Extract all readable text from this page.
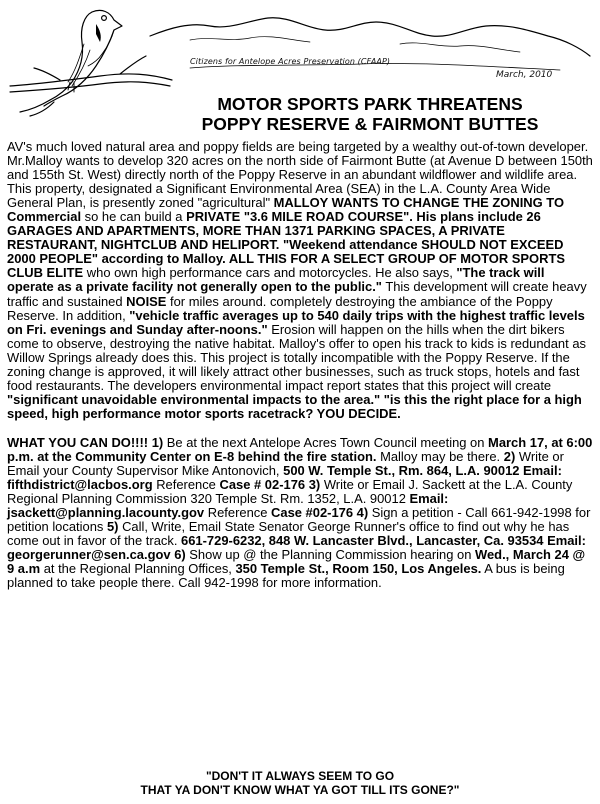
Citizens for Antelope Acres Preservation (CFAAP)
March, 2010
MOTOR SPORTS PARK THREATENS
POPPY RESERVE & FAIRMONT BUTTES

AV's much loved natural area and poppy fields are being targeted by a wealthy out-of-town developer. Mr.Malloy wants to develop 320 acres on the north side of Fairmont Butte (at Avenue D between 150th and 155th St. West) directly north of the Poppy Reserve in an abundant wildflower and wildlife area. This property, designated a Significant Environmental Area (SEA) in the L.A. County Area Wide General Plan, is presently zoned "agricultural" MALLOY WANTS TO CHANGE THE ZONING TO Commercial so he can build a PRIVATE "3.6 MILE ROAD COURSE". His plans include 26 GARAGES AND APARTMENTS, MORE THAN 1371 PARKING SPACES, A PRIVATE RESTAURANT, NIGHTCLUB AND HELIPORT. "Weekend attendance SHOULD NOT EXCEED 2000 PEOPLE" according to Malloy. ALL THIS FOR A SELECT GROUP OF MOTOR SPORTS CLUB ELITE who own high performance cars and motorcycles. He also says, "The track will operate as a private facility not generally open to the public." This development will create heavy traffic and sustained NOISE for miles around. completely destroying the ambiance of the Poppy Reserve. In addition, "vehicle traffic averages up to 540 daily trips with the highest traffic levels on Fri. evenings and Sunday after-noons." Erosion will happen on the hills when the dirt bikers come to observe, destroying the native habitat. Malloy's offer to open his track to kids is redundant as Willow Springs already does this. This project is totally incompatible with the Poppy Reserve. If the zoning change is approved, it will likely attract other businesses, such as truck stops, hotels and fast food restaurants. The developers environmental impact report states that this project will create "significant unavoidable environmental impacts to the area." "is this the right place for a high speed, high performance motor sports racetrack? YOU DECIDE.

WHAT YOU CAN DO!!!! 1) Be at the next Antelope Acres Town Council meeting on March 17, at 6:00 p.m. at the Community Center on E-8 behind the fire station. Malloy may be there. 2) Write or Email your County Supervisor Mike Antonovich, 500 W. Temple St., Rm. 864, L.A. 90012 Email: fifthdistrict@lacbos.org Reference Case # 02-176 3) Write or Email J. Sackett at the L.A. County Regional Planning Commission 320 Temple St. Rm. 1352, L.A. 90012 Email: jsackett@planning.lacounty.gov Reference Case #02-176 4) Sign a petition - Call 661-942-1998 for petition locations 5) Call, Write, Email State Senator George Runner's office to find out why he has come out in favor of the track. 661-729-6232, 848 W. Lancaster Blvd., Lancaster, Ca. 93534 Email: georgerunner@sen.ca.gov 6) Show up @ the Planning Commission hearing on Wed., March 24 @ 9 a.m at the Regional Planning Offices, 350 Temple St., Room 150, Los Angeles. A bus is being planned to take people there. Call 942-1998 for more information.

"DON'T IT ALWAYS SEEM TO GO
THAT YA DON'T KNOW WHAT YA GOT TILL ITS GONE?"
